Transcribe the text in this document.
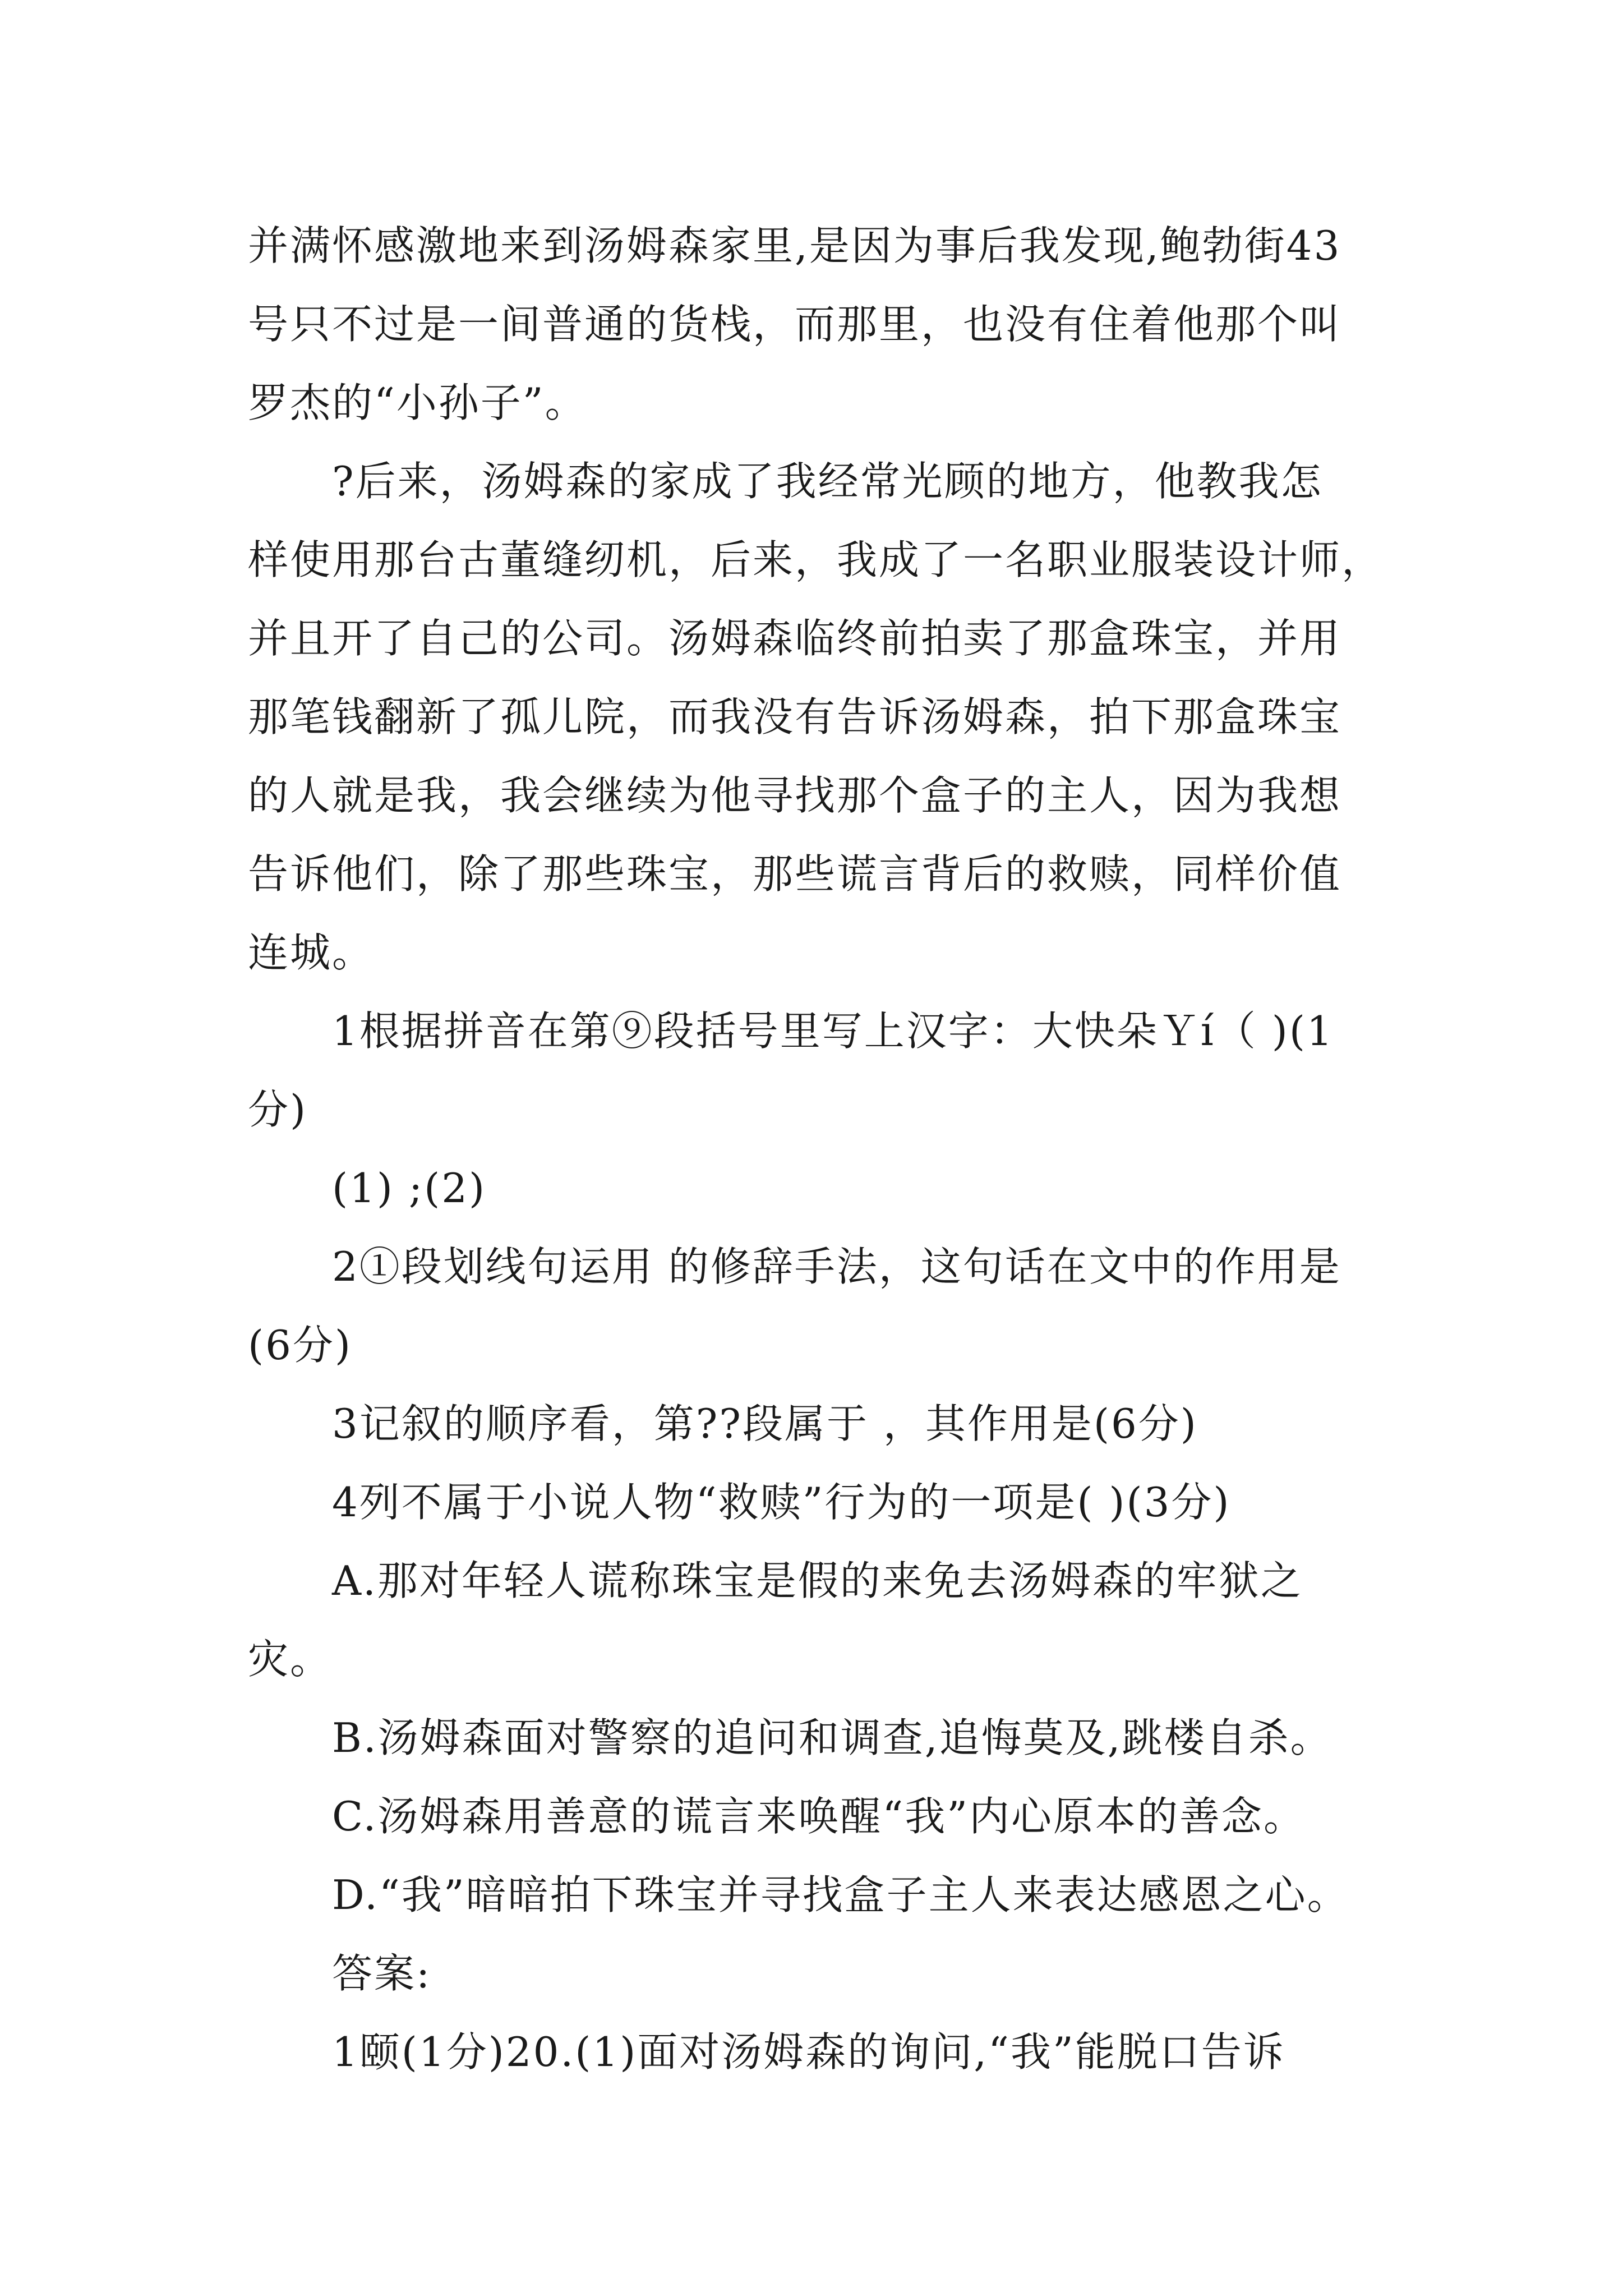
并满怀感激地来到汤姆森家里,是因为事后我发现,鲍勃街43
号只不过是一间普通的货栈，而那里，也没有住着他那个叫
罗杰的“小孙子”。
?后来，汤姆森的家成了我经常光顾的地方，他教我怎
样使用那台古董缝纫机，后来，我成了一名职业服装设计师，
并且开了自己的公司。汤姆森临终前拍卖了那盒珠宝，并用
那笔钱翻新了孤儿院，而我没有告诉汤姆森，拍下那盒珠宝
的人就是我，我会继续为他寻找那个盒子的主人，因为我想
告诉他们，除了那些珠宝，那些谎言背后的救赎，同样价值
连城。
1根据拼音在第⑨段括号里写上汉字：大快朵Ｙí（ )(1
分)
(1) ;(2)
2①段划线句运用 的修辞手法，这句话在文中的作用是
(6分)
3记叙的顺序看，第??段属于 ，其作用是(6分)
4列不属于小说人物“救赎”行为的一项是( )(3分)
A.那对年轻人谎称珠宝是假的来免去汤姆森的牢狱之
灾。
B.汤姆森面对警察的追问和调查,追悔莫及,跳楼自杀。
C.汤姆森用善意的谎言来唤醒“我”内心原本的善念。
D.“我”暗暗拍下珠宝并寻找盒子主人来表达感恩之心。
答案:
1颐(1分)20.(1)面对汤姆森的询问,“我”能脱口告诉
